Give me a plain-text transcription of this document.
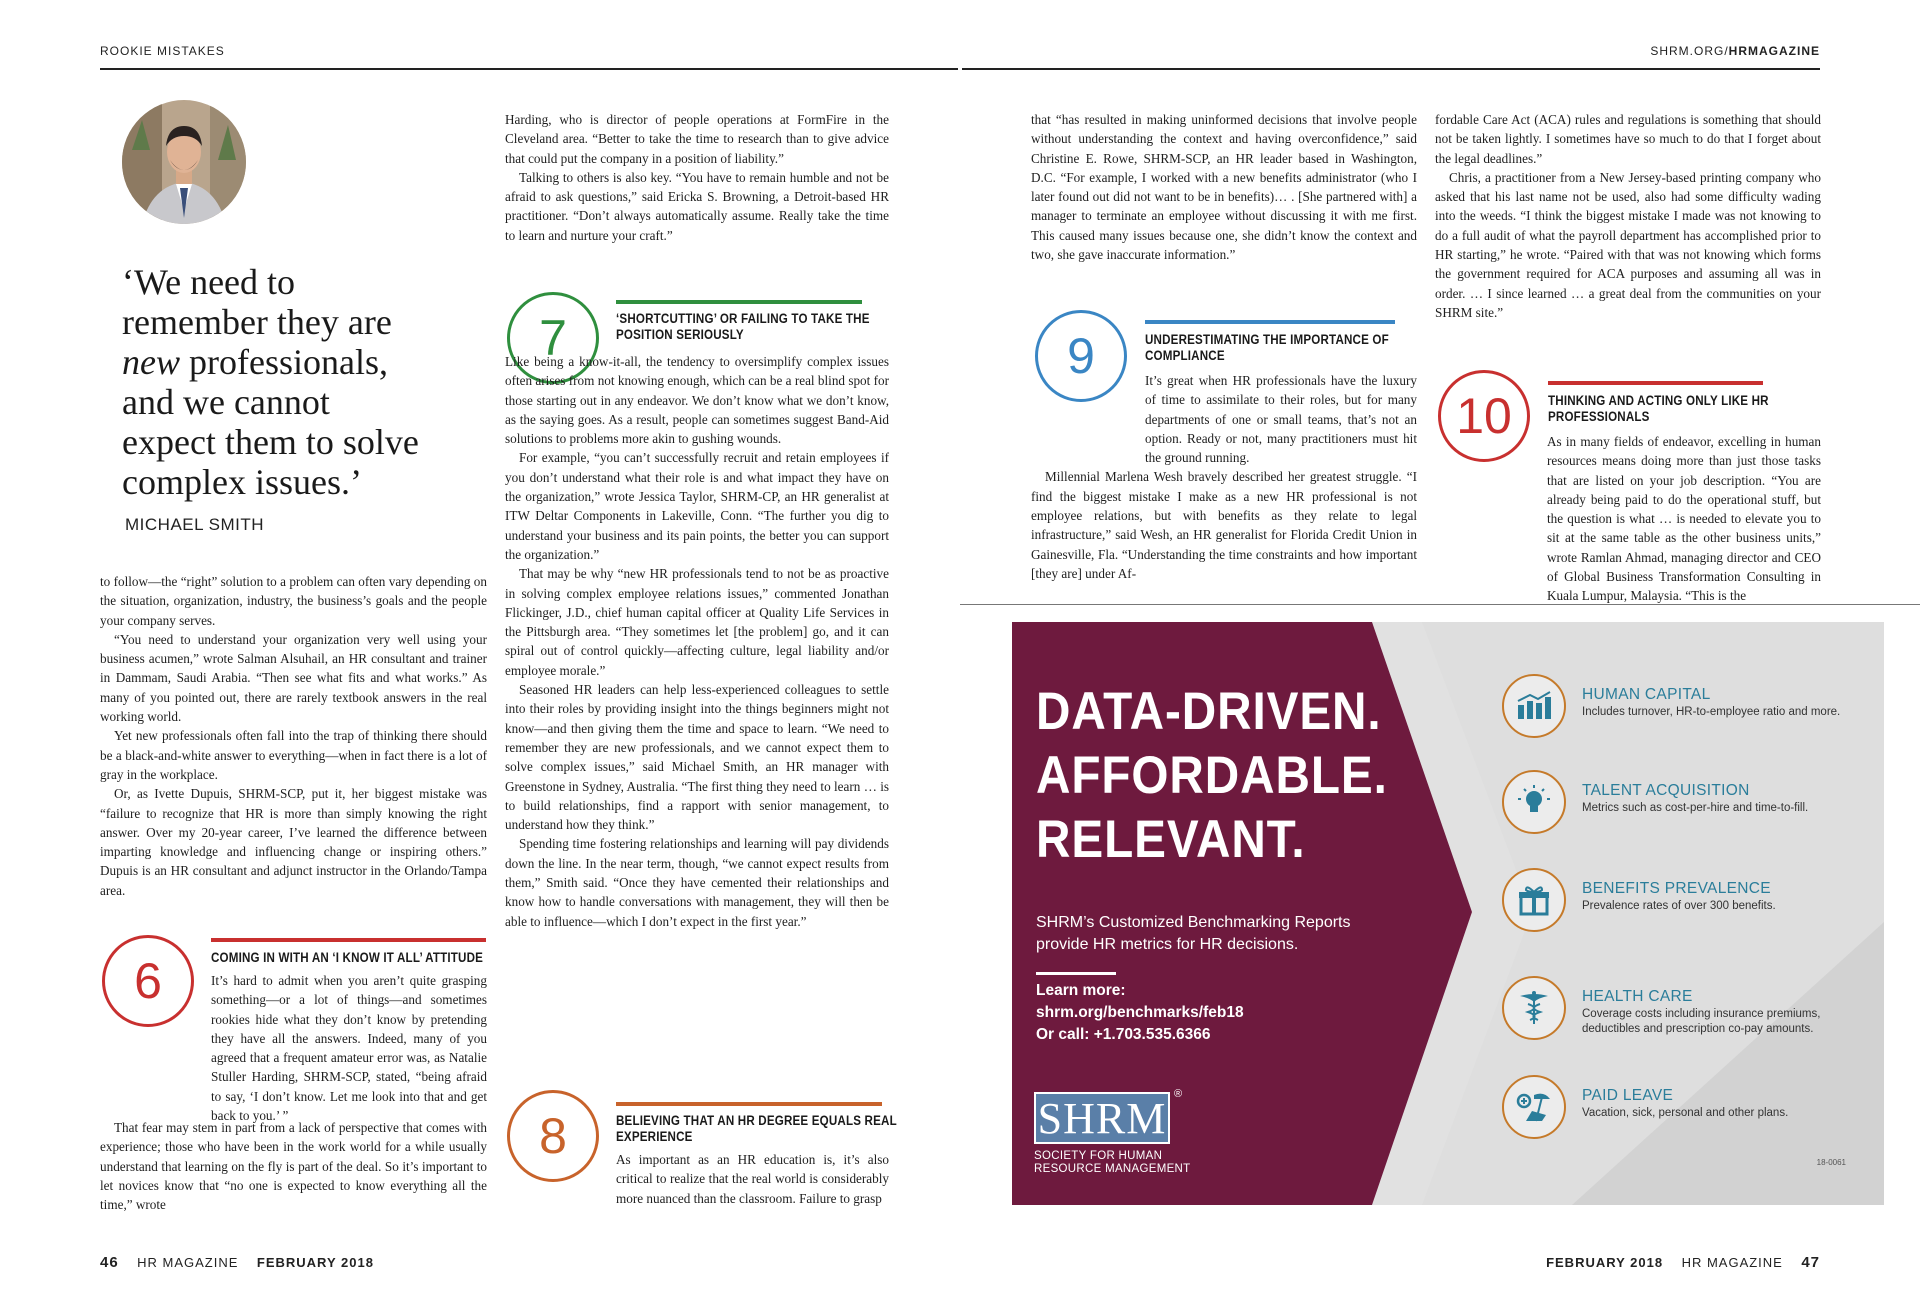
ROOKIE MISTAKES	SHRM.ORG/HRMAGAZINE
‘We need to
remember they are
new professionals,
and we cannot
expect them to solve
complex issues.’
MICHAEL SMITH

to follow—the “right” solution to a problem can often vary depending on the situation, organization, industry, the business’s goals and the people your company serves.

“You need to understand your organization very well using your business acumen,” wrote Salman Alsuhail, an HR consultant and trainer in Dammam, Saudi Arabia. “Then see what fits and what works.” As many of you pointed out, there are rarely textbook answers in the real working world.

Yet new professionals often fall into the trap of thinking there should be a black-and-white answer to everything—when in fact there is a lot of gray in the workplace.

Or, as Ivette Dupuis, SHRM-SCP, put it, her biggest mistake was “failure to recognize that HR is more than simply knowing the right answer. Over my 20-year career, I’ve learned the difference between imparting knowledge and influencing change or inspiring others.” Dupuis is an HR consultant and adjunct instructor in the Orlando/Tampa area.

6	COMING IN WITH AN ‘I KNOW IT ALL’ ATTITUDE

It’s hard to admit when you aren’t quite grasping something—or a lot of things—and sometimes rookies hide what they don’t know by pretending they have all the answers. Indeed, many of you agreed that a frequent amateur error was, as Natalie Stuller Harding, SHRM-SCP, stated, “being afraid to say, ‘I don’t know. Let me look into that and get back to you.’ ”

Harding, who is director of people operations at FormFire in the Cleveland area. “Better to take the time to research than to give advice that could put the company in a position of liability.”

Talking to others is also key. “You have to remain humble and not be afraid to ask questions,” said Ericka S. Browning, a Detroit-based HR practitioner. “Don’t always automatically assume. Really take the time to learn and nurture your craft.”

7	‘SHORTCUTTING’ OR FAILING TO TAKE THE
POSITION SERIOUSLY

Like being a know-it-all, the tendency to oversimplify complex issues often arises from not knowing enough, which can be a real blind spot for those starting out in any endeavor. We don’t know what we don’t know, as the saying goes. As a result, people can sometimes suggest Band-Aid solutions to problems more akin to gushing wounds.

For example, “you can’t successfully recruit and retain employees if you don’t understand what their role is and what impact they have on the organization,” wrote Jessica Taylor, SHRM-CP, an HR generalist at ITW Deltar Components in Lakeville, Conn. “The further you dig to understand your business and its pain points, the better you can support the organization.”

That may be why “new HR professionals tend to not be as proactive in solving complex employee relations issues,” commented Jonathan Flickinger, J.D., chief human capital officer at Quality Life Services in the Pittsburgh area. “They sometimes let [the problem] go, and it can spiral out of control quickly—affecting culture, legal liability and/or employee morale.”

Seasoned HR leaders can help less-experienced colleagues to settle into their roles by providing insight into the things beginners might not know—and then giving them the time and space to learn. “We need to remember they are new professionals, and we cannot expect them to solve complex issues,” said Michael Smith, an HR manager with Greenstone in Sydney, Australia. “The first thing they need to learn … is to build relationships, find a rapport with senior management, to understand how they think.”

Spending time fostering relationships and learning will pay dividends down the line. In the near term, though, “we cannot expect results from them,” Smith said. “Once they have cemented their relationships and know how to handle conversations with management, they will then be able to influence—which I don’t expect in the first year.”

8	BELIEVING THAT AN HR DEGREE EQUALS REAL
EXPERIENCE

that “has resulted in making uninformed decisions that involve people without understanding the context and having overconfidence,” said Christine E. Rowe, SHRM-SCP, an HR leader based in Washington, D.C. “For example, I worked with a new benefits administrator (who I later found out did not want to be in benefits)… . [She partnered with] a manager to terminate an employee without discussing it with me first. This caused many issues because one, she didn’t know the context and two, she gave inaccurate information.”

9	UNDERESTIMATING THE IMPORTANCE OF
COMPLIANCE

fordable Care Act (ACA) rules and regulations is something that should not be taken lightly. I sometimes have so much to do that I forget about the legal deadlines.”

Chris, a practitioner from a New Jersey-based printing company who asked that his last name not be used, also had some difficulty wading into the weeds. “I think the biggest mistake I made was not knowing to do a full audit of what the payroll department has accomplished prior to HR starting,” he wrote. “Paired with that was not knowing which forms the government required for ACA purposes and assuming all was in order. … I since learned … a great deal from the communities on your SHRM site.”

10	THINKING AND ACTING ONLY LIKE HR
PROFESSIONALS

That fear may stem in part from a lack of perspective that comes with experience; those who have been in the work world for a while usually understand that learning on the fly is part of the deal. So it’s important to let novices know that “no one is expected to know everything all the time,” wrote

As important as an HR education is, it’s also critical to realize that the real world is considerably more nuanced than the classroom. Failure to grasp

It’s great when HR professionals have the luxury of time to assimilate to their roles, but for many departments of one or small teams, that’s not an option. Ready or not, many practitioners must hit the ground running.

Millennial Marlena Wesh bravely described her greatest struggle. “I find the biggest mistake I make as a new HR professional is not employee relations, but with benefits as they relate to legal infrastructure,” said Wesh, an HR generalist for Florida Credit Union in Gainesville, Fla. “Understanding the time constraints and how important [they are] under Af-

As in many fields of endeavor, excelling in human resources means doing more than just those tasks that are listed on your job description. “You are already being paid to do the operational stuff, but the question is what … is needed to elevate you to sit at the same table as the other business units,” wrote Ramlan Ahmad, managing director and CEO of Global Business Transformation Consulting in Kuala Lumpur, Malaysia. “This is the

DATA-DRIVEN.
AFFORDABLE.
RELEVANT.
SHRM’s Customized Benchmarking Reports provide HR metrics for HR decisions.
Learn more:
shrm.org/benchmarks/feb18
Or call: +1.703.535.6366
SHRM ®
SOCIETY FOR HUMAN
RESOURCE MANAGEMENT
HUMAN CAPITAL
Includes turnover, HR-to-employee ratio and more.
TALENT ACQUISITION
Metrics such as cost-per-hire and time-to-fill.
BENEFITS PREVALENCE
Prevalence rates of over 300 benefits.
HEALTH CARE
Coverage costs including insurance premiums, deductibles and prescription co-pay amounts.
PAID LEAVE
Vacation, sick, personal and other plans.
18-0061
46 HR MAGAZINE FEBRUARY 2018	FEBRUARY 2018 HR MAGAZINE 47
